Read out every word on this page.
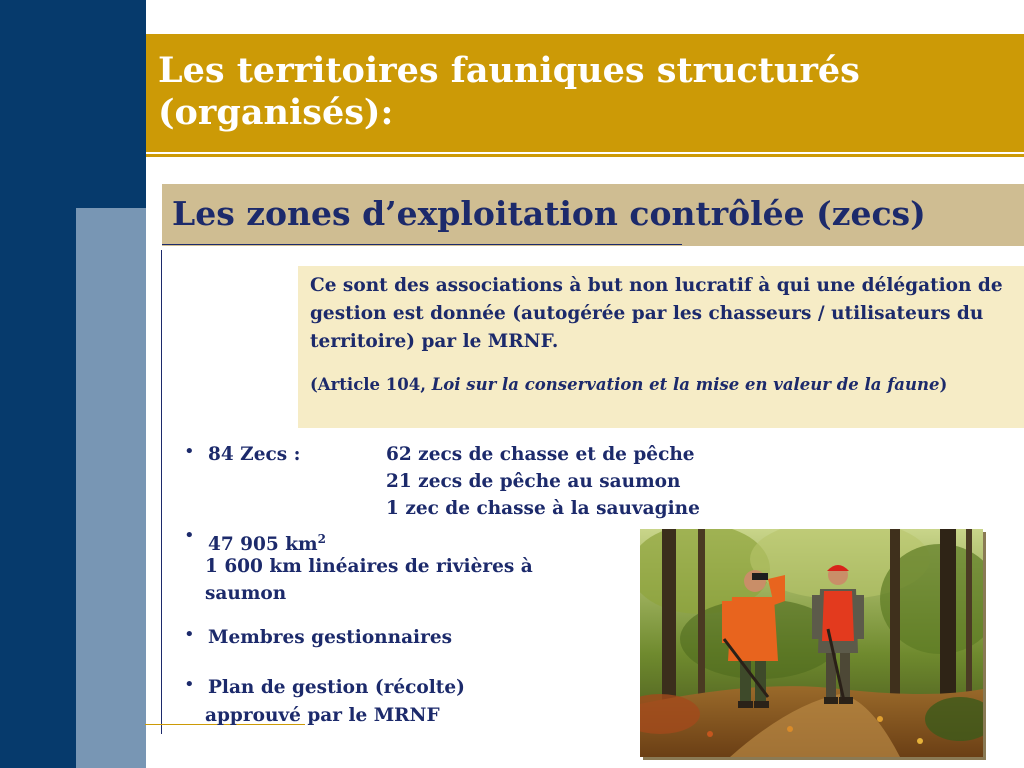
Les territoires fauniques structurés (organisés):
Les zones d’exploitation contrôlée (zecs)

Ce sont des associations à but non lucratif à qui une délégation de gestion est donnée (autogérée par les chasseurs / utilisateurs du territoire) par le MRNF.

(Article 104, Loi sur la conservation et la mise en valeur de la faune)

• 84 Zecs :	62 zecs de chasse et de pêche
21 zecs de pêche au saumon
1 zec de chasse à la sauvagine
• 47 905 $km^2$
1 600 km linéaires de rivières à
saumon
• Membres gestionnaires
• Plan de gestion (récolte)
approuvé par le MRNF
